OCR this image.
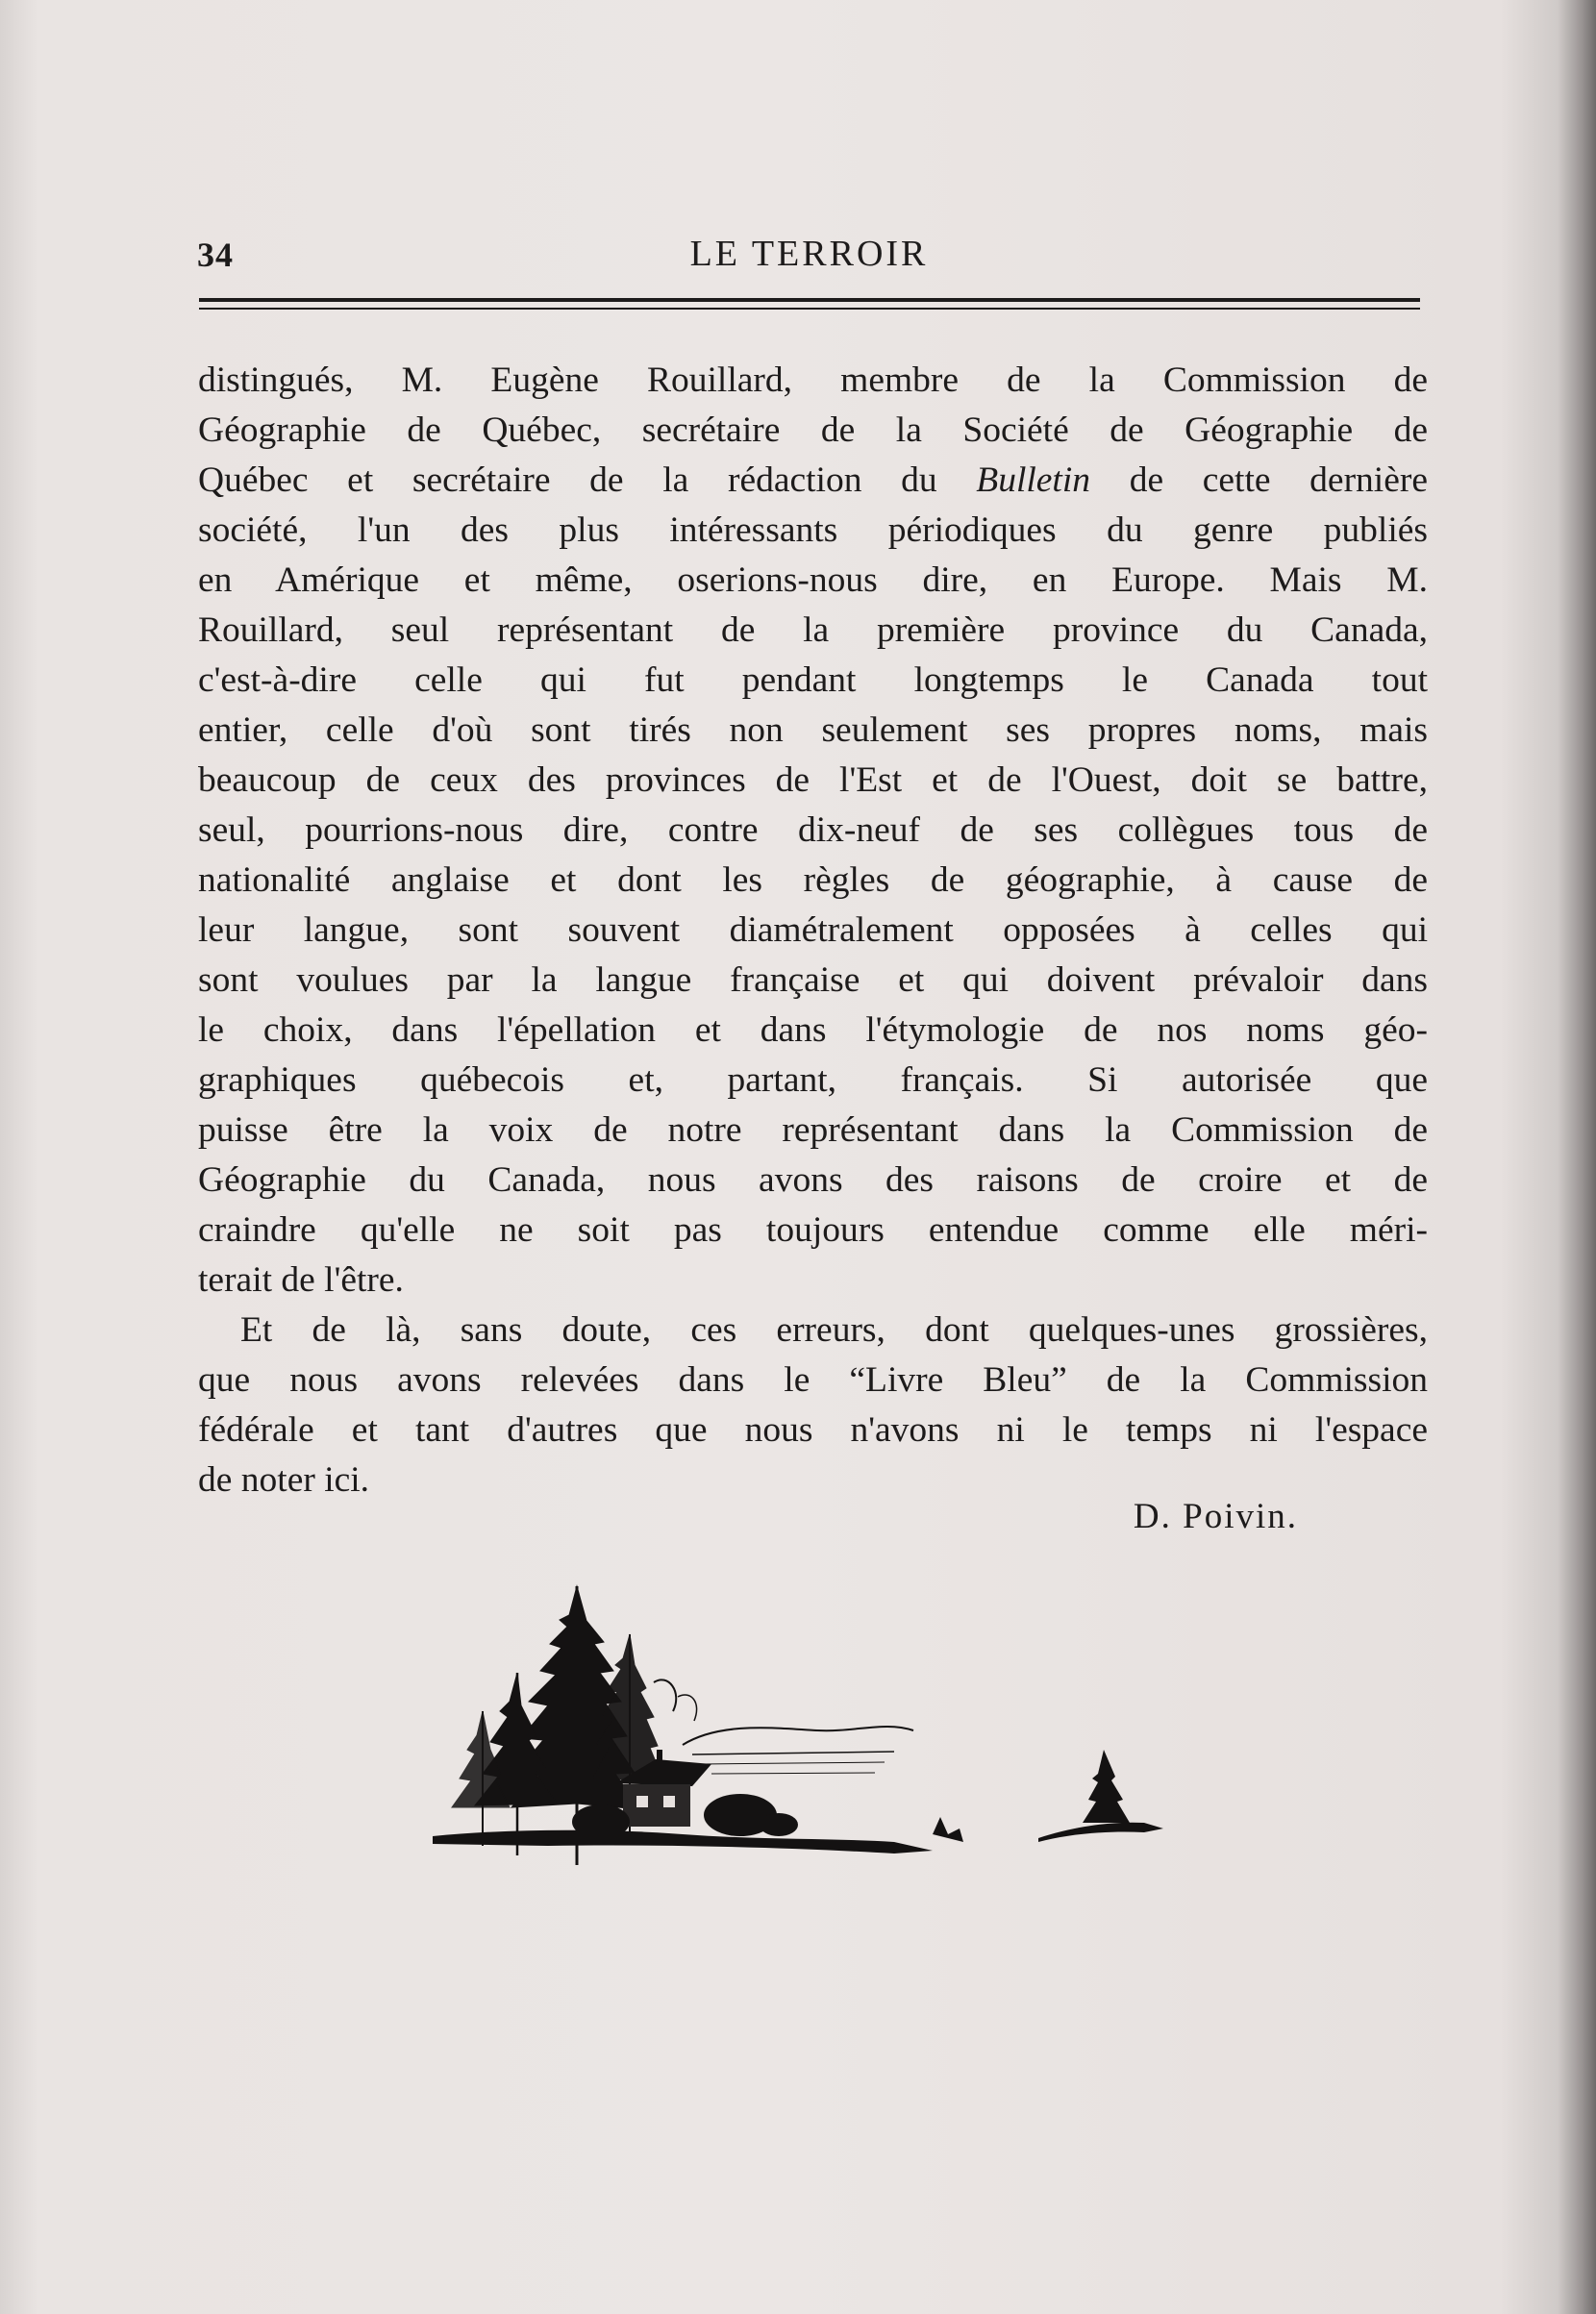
34	LE TERROIR
distingués, M. Eugène Rouillard, membre de la Commission de
Géographie de Québec, secrétaire de la Société de Géographie de
Québec et secrétaire de la rédaction du Bulletin de cette dernière
société, l'un des plus intéressants périodiques du genre publiés
en Amérique et même, oserions-nous dire, en Europe. Mais M.
Rouillard, seul représentant de la première province du Canada,
c'est-à-dire celle qui fut pendant longtemps le Canada tout
entier, celle d'où sont tirés non seulement ses propres noms, mais
beaucoup de ceux des provinces de l'Est et de l'Ouest, doit se battre,
seul, pourrions-nous dire, contre dix-neuf de ses collègues tous de
nationalité anglaise et dont les règles de géographie, à cause de
leur langue, sont souvent diamétralement opposées à celles qui
sont voulues par la langue française et qui doivent prévaloir dans
le choix, dans l'épellation et dans l'étymologie de nos noms géo-
graphiques québecois et, partant, français. Si autorisée que
puisse être la voix de notre représentant dans la Commission de
Géographie du Canada, nous avons des raisons de croire et de
craindre qu'elle ne soit pas toujours entendue comme elle méri-
terait de l'être.
Et de là, sans doute, ces erreurs, dont quelques-unes grossières,
que nous avons relevées dans le “Livre Bleu” de la Commission
fédérale et tant d'autres que nous n'avons ni le temps ni l'espace
de noter ici.
D. Poivin.
